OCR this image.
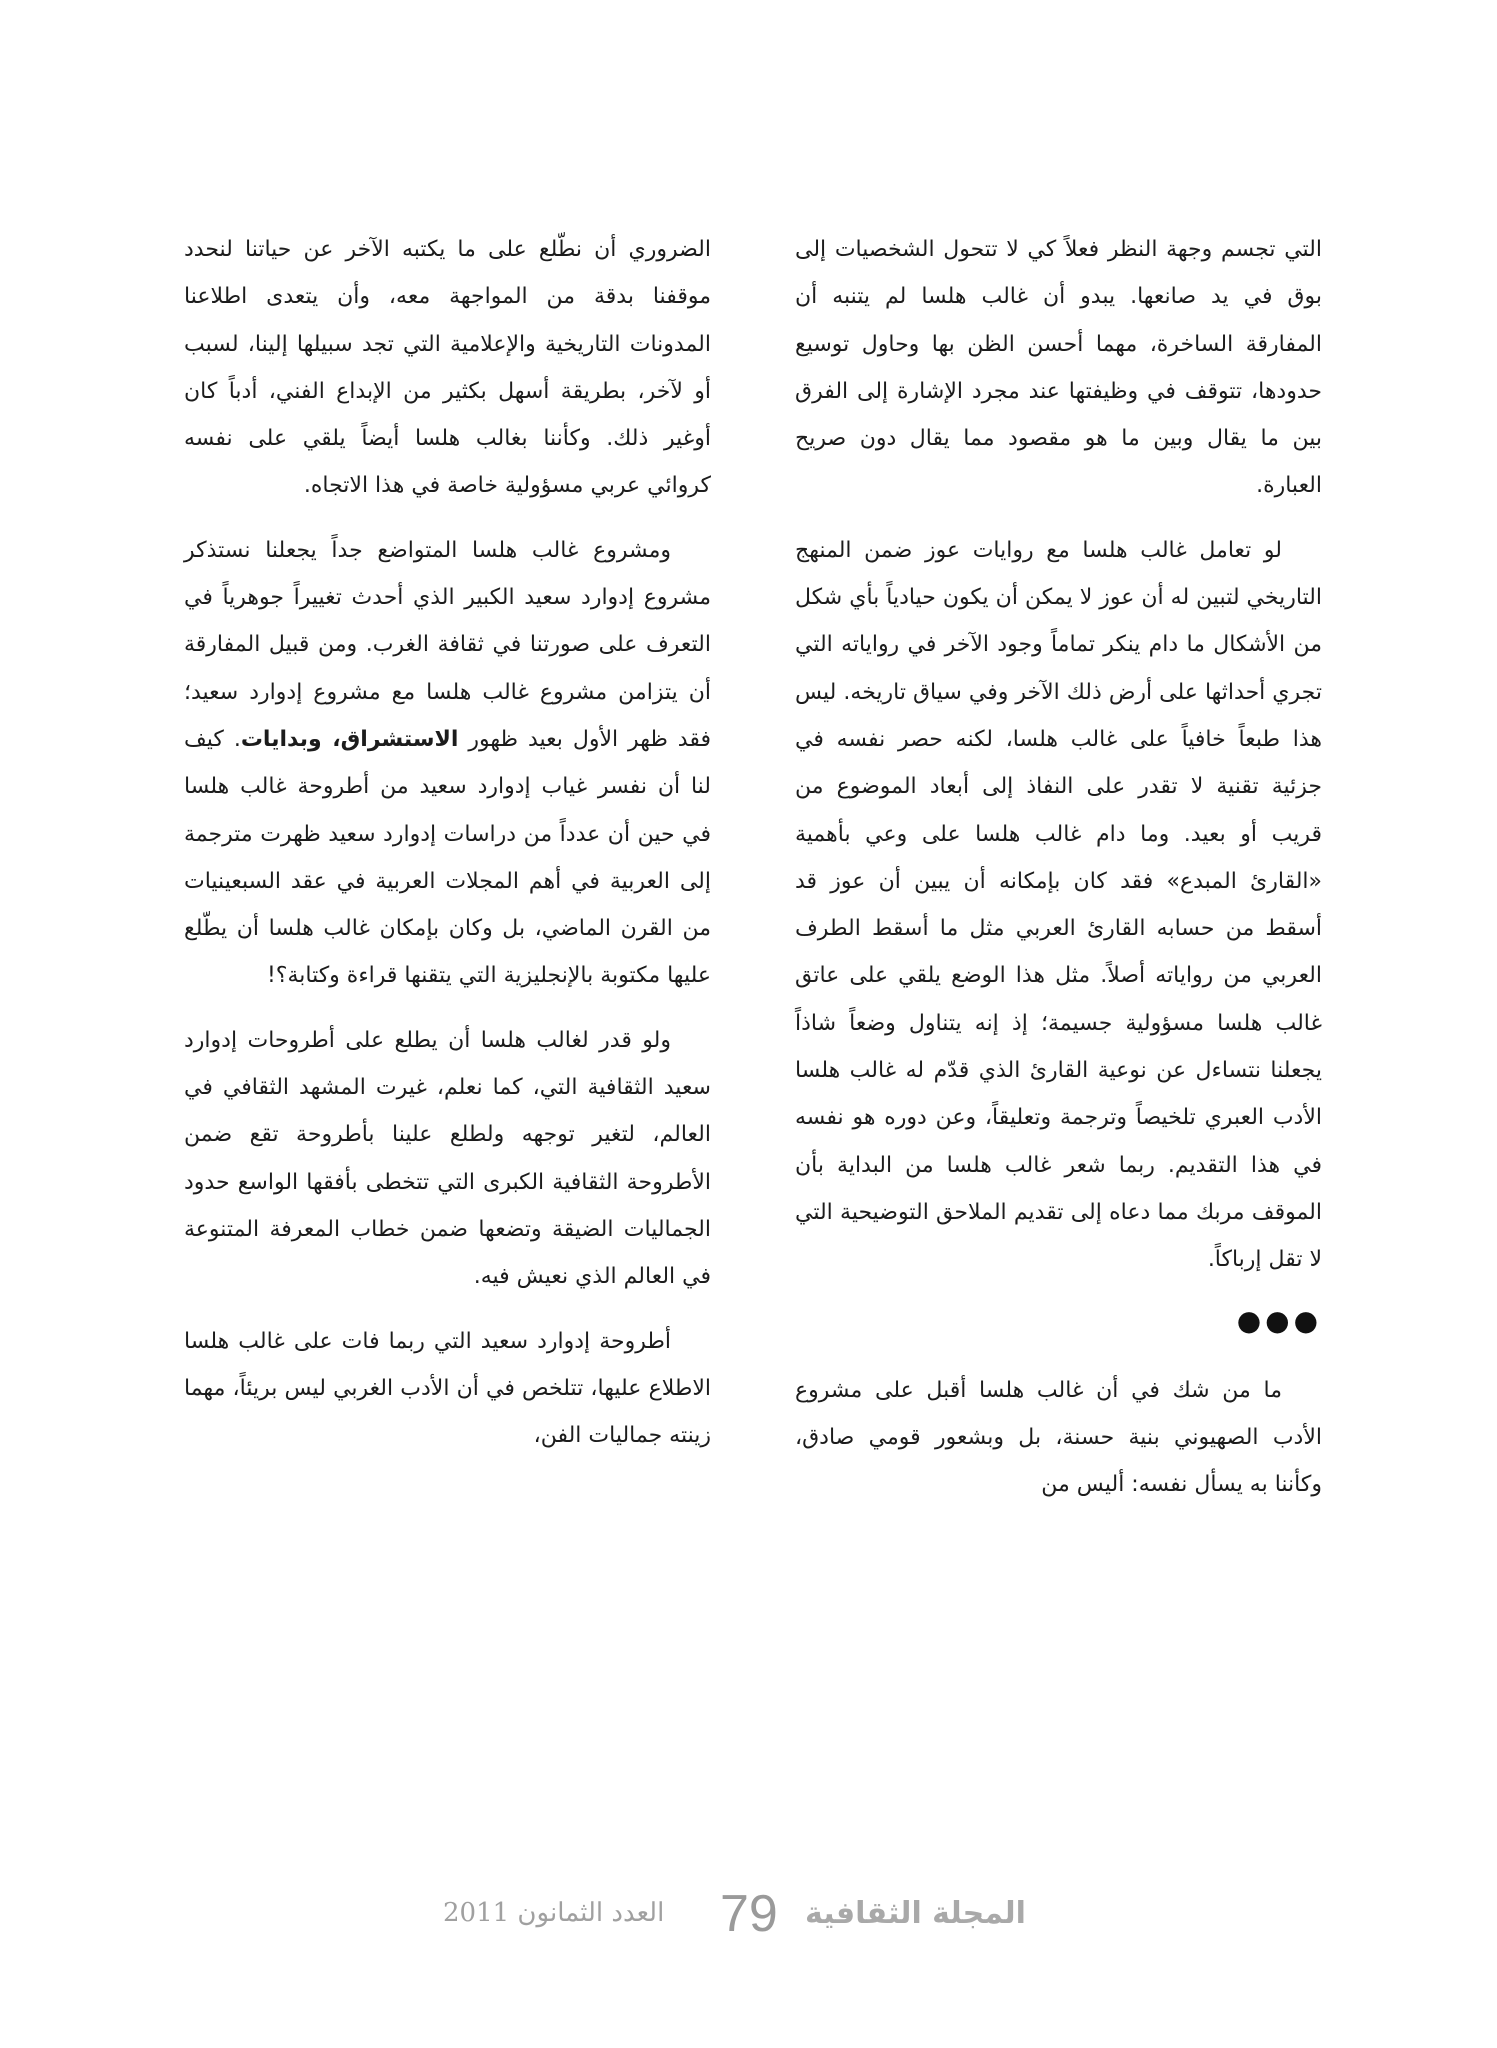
التي تجسم وجهة النظر فعلاً كي لا تتحول الشخصيات إلى بوق في يد صانعها. يبدو أن غالب هلسا لم يتنبه أن المفارقة الساخرة، مهما أحسن الظن بها وحاول توسيع حدودها، تتوقف في وظيفتها عند مجرد الإشارة إلى الفرق بين ما يقال وبين ما هو مقصود مما يقال دون صريح العبارة.

لو تعامل غالب هلسا مع روايات عوز ضمن المنهج التاريخي لتبين له أن عوز لا يمكن أن يكون حيادياً بأي شكل من الأشكال ما دام ينكر تماماً وجود الآخر في رواياته التي تجري أحداثها على أرض ذلك الآخر وفي سياق تاريخه. ليس هذا طبعاً خافياً على غالب هلسا، لكنه حصر نفسه في جزئية تقنية لا تقدر على النفاذ إلى أبعاد الموضوع من قريب أو بعيد. وما دام غالب هلسا على وعي بأهمية «القارئ المبدع» فقد كان بإمكانه أن يبين أن عوز قد أسقط من حسابه القارئ العربي مثل ما أسقط الطرف العربي من رواياته أصلاً. مثل هذا الوضع يلقي على عاتق غالب هلسا مسؤولية جسيمة؛ إذ إنه يتناول وضعاً شاذاً يجعلنا نتساءل عن نوعية القارئ الذي قدّم له غالب هلسا الأدب العبري تلخيصاً وترجمة وتعليقاً، وعن دوره هو نفسه في هذا التقديم. ربما شعر غالب هلسا من البداية بأن الموقف مربك مما دعاه إلى تقديم الملاحق التوضيحية التي لا تقل إرباكاً.

●●●

ما من شك في أن غالب هلسا أقبل على مشروع الأدب الصهيوني بنية حسنة، بل وبشعور قومي صادق، وكأننا به يسأل نفسه: أليس من

الضروري أن نطّلع على ما يكتبه الآخر عن حياتنا لنحدد موقفنا بدقة من المواجهة معه، وأن يتعدى اطلاعنا المدونات التاريخية والإعلامية التي تجد سبيلها إلينا، لسبب أو لآخر، بطريقة أسهل بكثير من الإبداع الفني، أدباً كان أوغير ذلك. وكأننا بغالب هلسا أيضاً يلقي على نفسه كروائي عربي مسؤولية خاصة في هذا الاتجاه.

ومشروع غالب هلسا المتواضع جداً يجعلنا نستذكر مشروع إدوارد سعيد الكبير الذي أحدث تغييراً جوهرياً في التعرف على صورتنا في ثقافة الغرب. ومن قبيل المفارقة أن يتزامن مشروع غالب هلسا مع مشروع إدوارد سعيد؛ فقد ظهر الأول بعيد ظهور الاستشراق، وبدايات. كيف لنا أن نفسر غياب إدوارد سعيد من أطروحة غالب هلسا في حين أن عدداً من دراسات إدوارد سعيد ظهرت مترجمة إلى العربية في أهم المجلات العربية في عقد السبعينيات من القرن الماضي، بل وكان بإمكان غالب هلسا أن يطّلع عليها مكتوبة بالإنجليزية التي يتقنها قراءة وكتابة؟!

ولو قدر لغالب هلسا أن يطلع على أطروحات إدوارد سعيد الثقافية التي، كما نعلم، غيرت المشهد الثقافي في العالم، لتغير توجهه ولطلع علينا بأطروحة تقع ضمن الأطروحة الثقافية الكبرى التي تتخطى بأفقها الواسع حدود الجماليات الضيقة وتضعها ضمن خطاب المعرفة المتنوعة في العالم الذي نعيش فيه.

أطروحة إدوارد سعيد التي ربما فات على غالب هلسا الاطلاع عليها، تتلخص في أن الأدب الغربي ليس بريئاً، مهما زينته جماليات الفن،

المجلة الثقافية
79
العدد الثمانون 2011
